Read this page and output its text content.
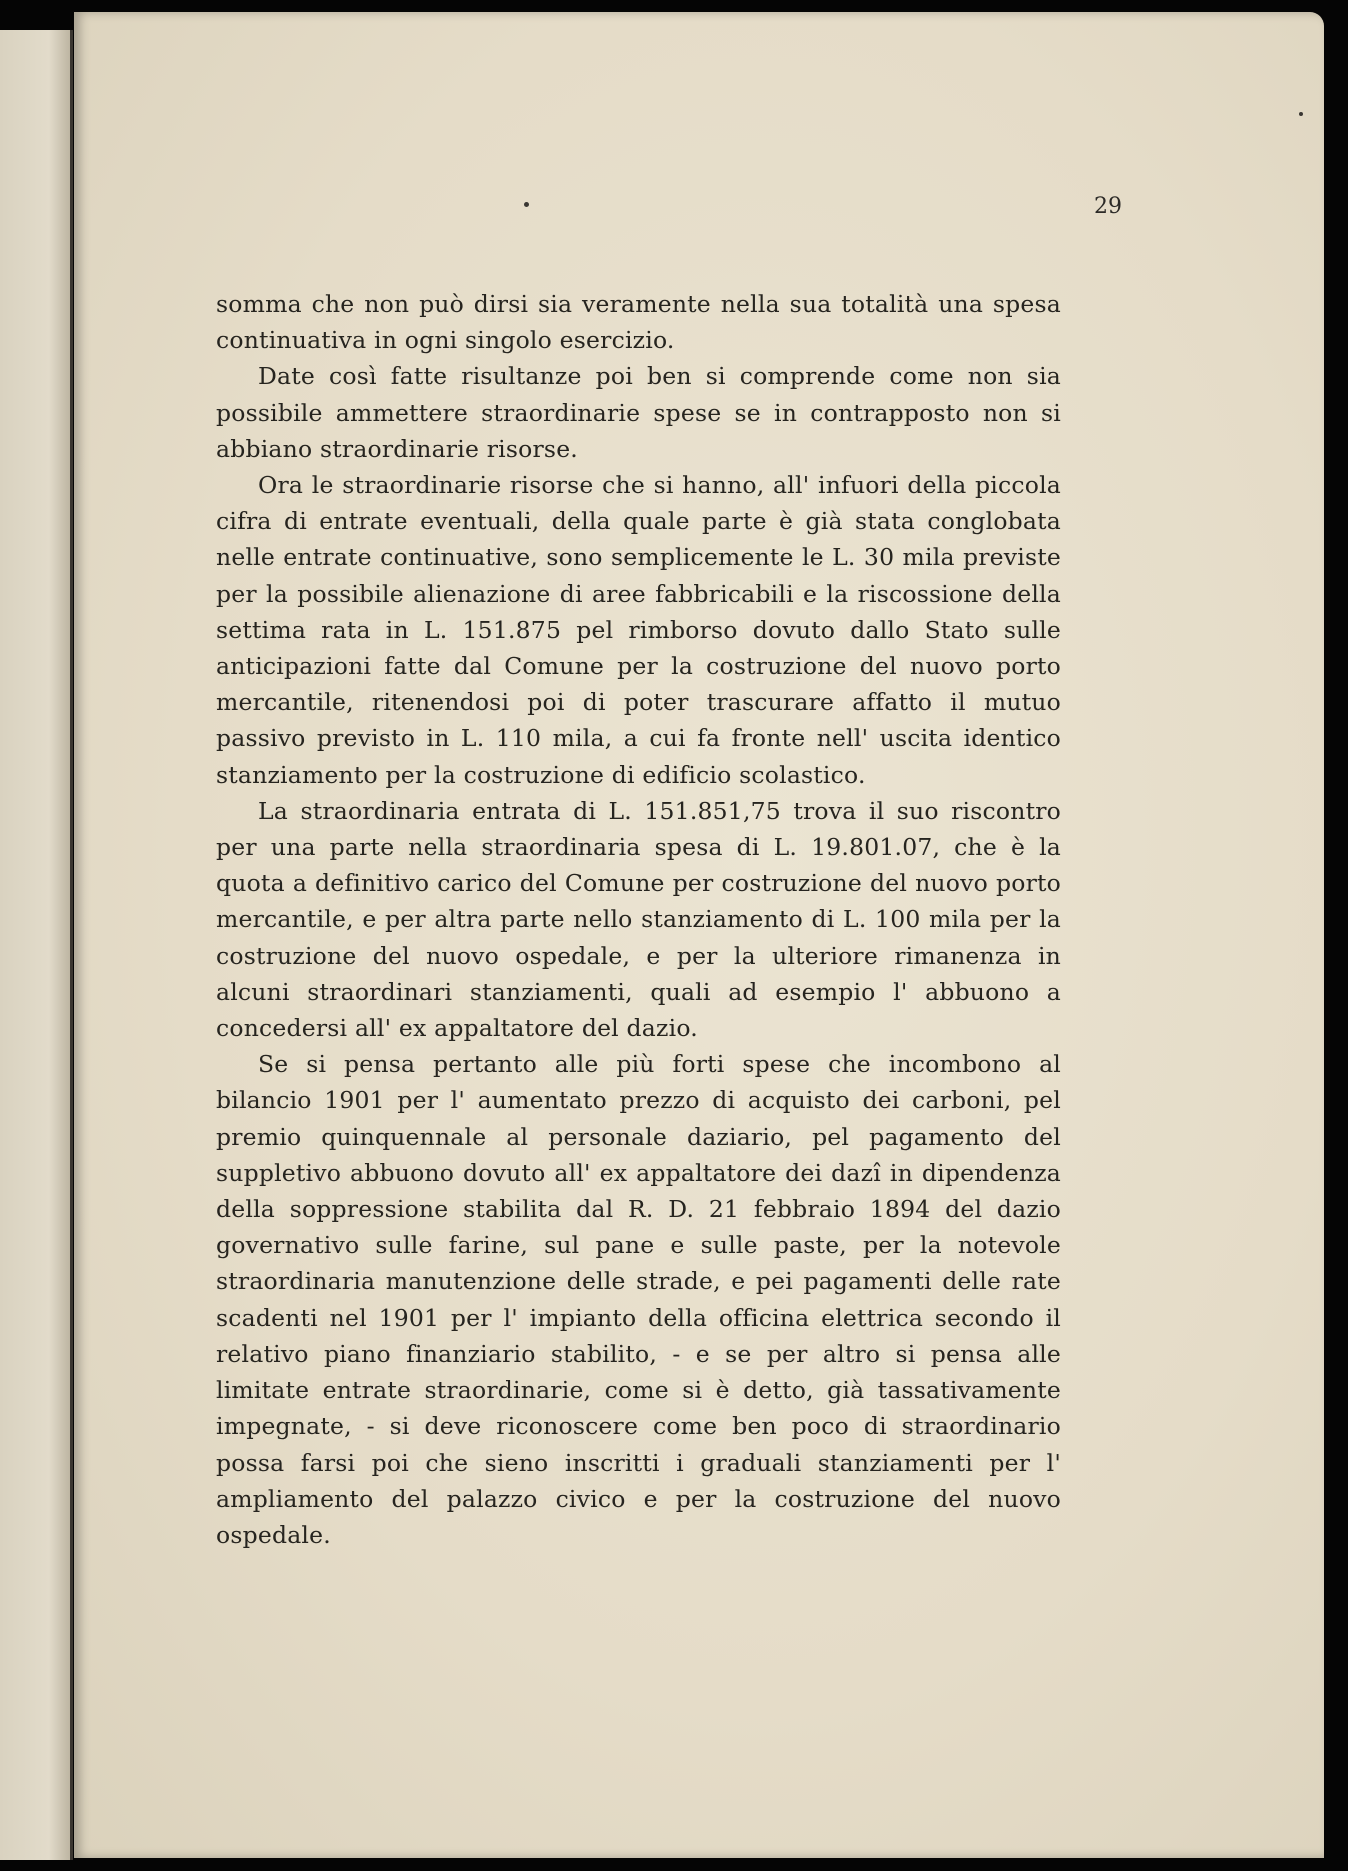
29

somma che non può dirsi sia veramente nella sua totalità una spesa continuativa in ogni singolo esercizio.

Date così fatte risultanze poi ben si comprende come non sia possibile ammettere straordinarie spese se in contrapposto non si abbiano straordinarie risorse.

Ora le straordinarie risorse che si hanno, all' infuori della piccola cifra di entrate eventuali, della quale parte è già stata conglobata nelle entrate continuative, sono semplicemente le L. 30 mila previste per la possibile alienazione di aree fabbricabili e la riscossione della settima rata in L. 151.875 pel rimborso dovuto dallo Stato sulle anticipazioni fatte dal Comune per la costruzione del nuovo porto mercantile, ritenendosi poi di poter trascurare affatto il mutuo passivo previsto in L. 110 mila, a cui fa fronte nell' uscita identico stanziamento per la costruzione di edificio scolastico.

La straordinaria entrata di L. 151.851,75 trova il suo riscontro per una parte nella straordinaria spesa di L. 19.801.07, che è la quota a definitivo carico del Comune per costruzione del nuovo porto mercantile, e per altra parte nello stanziamento di L. 100 mila per la costruzione del nuovo ospedale, e per la ulteriore rimanenza in alcuni straordinari stanziamenti, quali ad esempio l' abbuono a concedersi all' ex appaltatore del dazio.

Se si pensa pertanto alle più forti spese che incombono al bilancio 1901 per l' aumentato prezzo di acquisto dei carboni, pel premio quinquennale al personale daziario, pel pagamento del suppletivo abbuono dovuto all' ex appaltatore dei dazî in dipendenza della soppressione stabilita dal R. D. 21 febbraio 1894 del dazio governativo sulle farine, sul pane e sulle paste, per la notevole straordinaria manutenzione delle strade, e pei pagamenti delle rate scadenti nel 1901 per l' impianto della officina elettrica secondo il relativo piano finanziario stabilito, - e se per altro si pensa alle limitate entrate straordinarie, come si è detto, già tassativamente impegnate, - si deve riconoscere come ben poco di straordinario possa farsi poi che sieno inscritti i graduali stanziamenti per l' ampliamento del palazzo civico e per la costruzione del nuovo ospedale.
